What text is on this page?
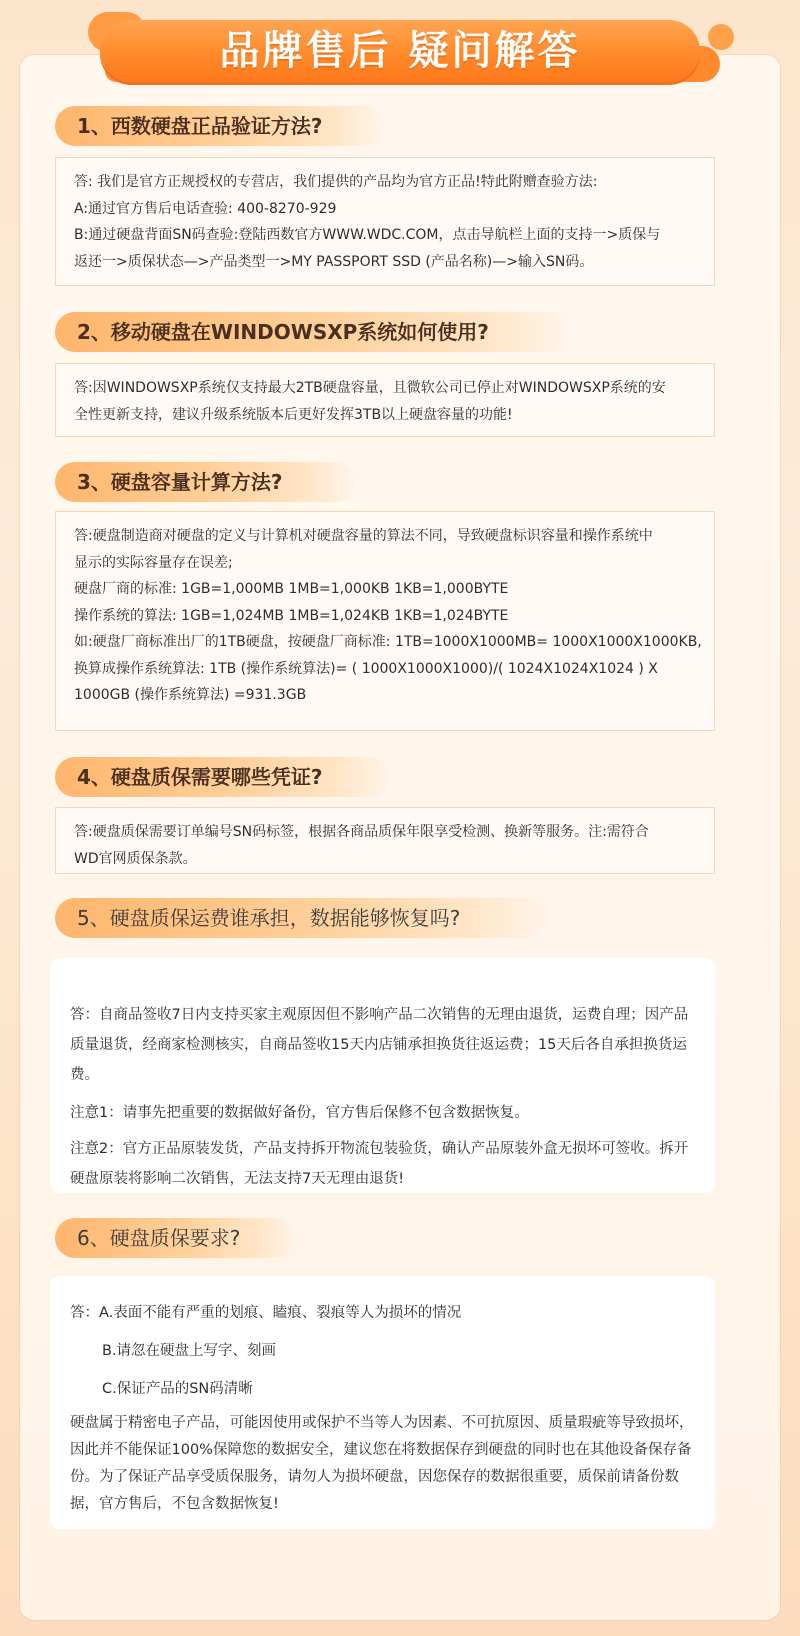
品牌售后 疑问解答
1、西数硬盘正品验证方法?
答: 我们是官方正规授权的专营店，我们提供的产品均为官方正品!特此附赠查验方法:
A:通过官方售后电话查验: 400-8270-929
B:通过硬盘背面SN码查验:登陆西数官方WWW.WDC.COM，点击导航栏上面的支持一>质保与
返还一>质保状态—>产品类型一>MY PASSPORT SSD (产品名称)—>输入SN码。
2、移动硬盘在WINDOWSXP系统如何使用?
答:因WINDOWSXP系统仅支持最大2TB硬盘容量，且微软公司已停止对WINDOWSXP系统的安
全性更新支持，建议升级系统版本后更好发挥3TB以上硬盘容量的功能!
3、硬盘容量计算方法?
答:硬盘制造商对硬盘的定义与计算机对硬盘容量的算法不同，导致硬盘标识容量和操作系统中
显示的实际容量存在误差;
硬盘厂商的标准: 1GB=1,000MB 1MB=1,000KB 1KB=1,000BYTE
操作系统的算法: 1GB=1,024MB 1MB=1,024KB 1KB=1,024BYTE
如:硬盘厂商标准出厂的1TB硬盘，按硬盘厂商标准: 1TB=1000X1000MB= 1000X1000X1000KB,
换算成操作系统算法: 1TB (操作系统算法)= ( 1000X1000X1000)/( 1024X1024X1024 ) X
1000GB (操作系统算法) =931.3GB
4、硬盘质保需要哪些凭证?
答:硬盘质保需要订单编号SN码标签，根据各商品质保年限享受检测、换新等服务。注:需符合
WD官网质保条款。
5、硬盘质保运费谁承担，数据能够恢复吗?
答：自商品签收7日内支持买家主观原因但不影响产品二次销售的无理由退货，运费自理；因产品质量退货，经商家检测核实，自商品签收15天内店铺承担换货往返运费；15天后各自承担换货运费。
注意1：请事先把重要的数据做好备份，官方售后保修不包含数据恢复。
注意2：官方正品原装发货，产品支持拆开物流包装验货，确认产品原装外盒无损坏可签收。拆开硬盘原装将影响二次销售，无法支持7天无理由退货!
6、硬盘质保要求?
答：A.表面不能有严重的划痕、瞌痕、裂痕等人为损坏的情况
B.请忽在硬盘上写字、刻画
C.保证产品的SN码清晰
硬盘属于精密电子产品，可能因使用或保护不当等人为因素、不可抗原因、质量瑕疵等导致损坏，因此并不能保证100%保障您的数据安全，建议您在将数据保存到硬盘的同时也在其他设备保存备份。为了保证产品享受质保服务，请勿人为损坏硬盘，因您保存的数据很重要，质保前请备份数据，官方售后，不包含数据恢复!
